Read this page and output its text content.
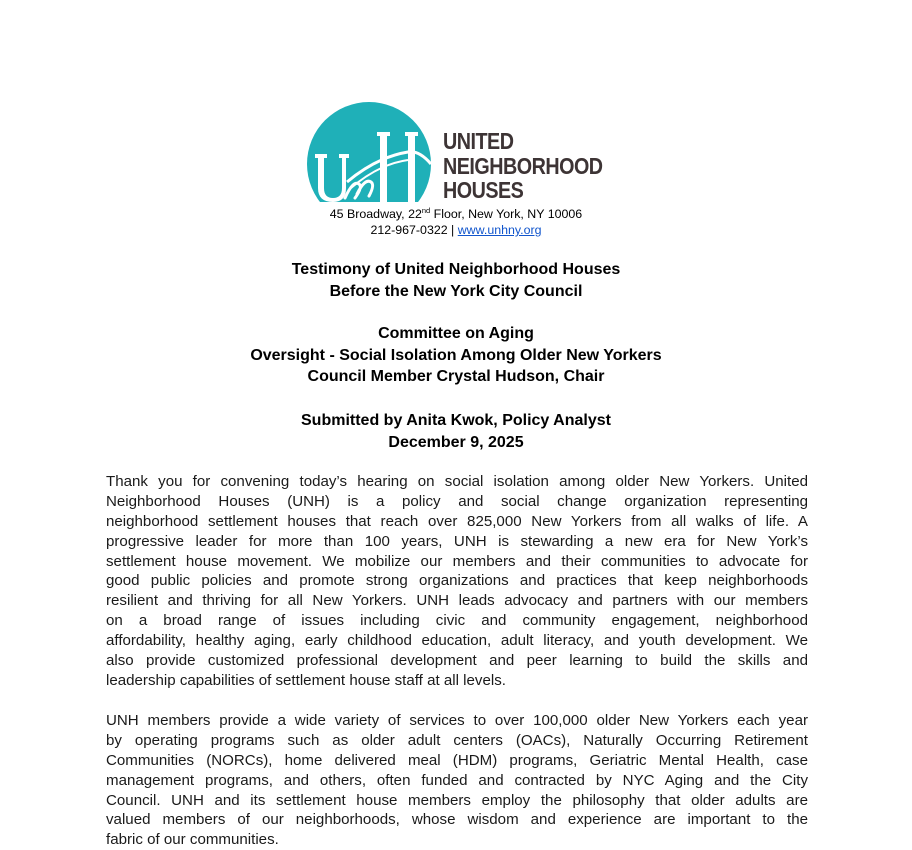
UNITED
NEIGHBORHOOD
HOUSES
45 Broadway, 22nd Floor, New York, NY 10006
212-967-0322 | www.unhny.org
Testimony of United Neighborhood Houses
Before the New York City Council
Committee on Aging
Oversight - Social Isolation Among Older New Yorkers
Council Member Crystal Hudson, Chair
Submitted by Anita Kwok, Policy Analyst
December 9, 2025
Thank you for convening today’s hearing on social isolation among older New Yorkers. United
Neighborhood Houses (UNH) is a policy and social change organization representing
neighborhood settlement houses that reach over 825,000 New Yorkers from all walks of life. A
progressive leader for more than 100 years, UNH is stewarding a new era for New York’s
settlement house movement. We mobilize our members and their communities to advocate for
good public policies and promote strong organizations and practices that keep neighborhoods
resilient and thriving for all New Yorkers. UNH leads advocacy and partners with our members
on a broad range of issues including civic and community engagement, neighborhood
affordability, healthy aging, early childhood education, adult literacy, and youth development. We
also provide customized professional development and peer learning to build the skills and
leadership capabilities of settlement house staff at all levels.
UNH members provide a wide variety of services to over 100,000 older New Yorkers each year
by operating programs such as older adult centers (OACs), Naturally Occurring Retirement
Communities (NORCs), home delivered meal (HDM) programs, Geriatric Mental Health, case
management programs, and others, often funded and contracted by NYC Aging and the City
Council. UNH and its settlement house members employ the philosophy that older adults are
valued members of our neighborhoods, whose wisdom and experience are important to the
fabric of our communities.
